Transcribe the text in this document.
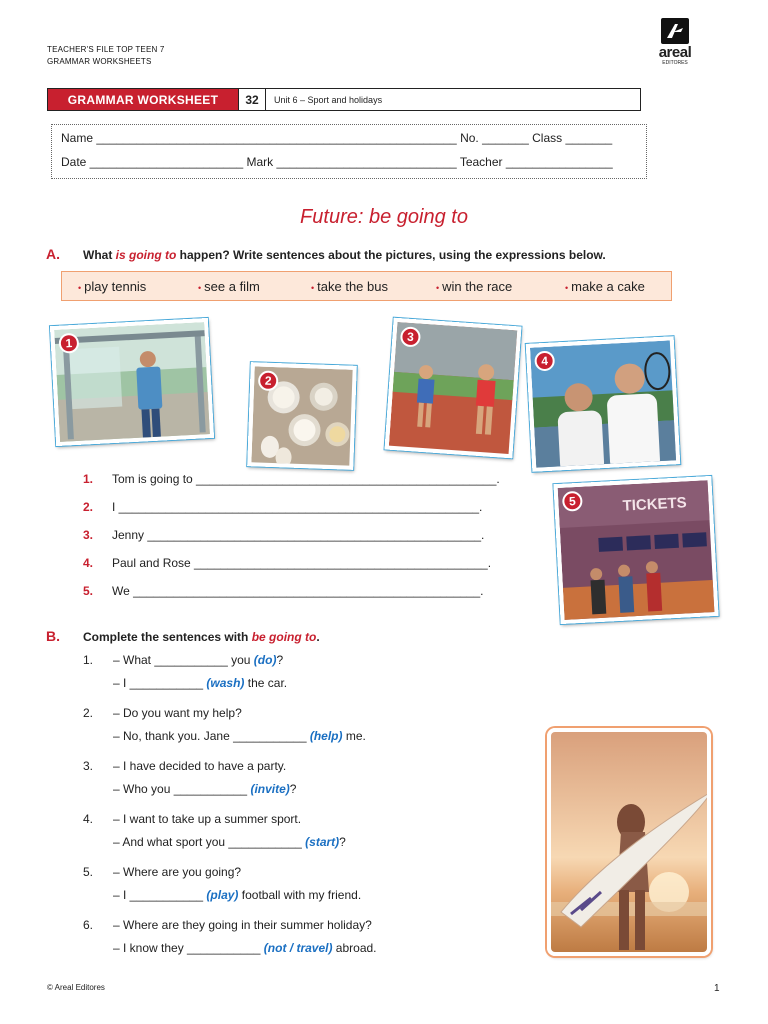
TEACHER'S FILE TOP TEEN 7
GRAMMAR WORKSHEETS
areal
EDITORES
GRAMMAR WORKSHEET	32	Unit 6 – Sport and holidays
Name ______________________________________________________ No. _______ Class _______
Date _______________________ Mark ___________________________ Teacher ________________
Future: be going to
A. What is going to happen? Write sentences about the pictures, using the expressions below.
• play tennis	• see a film	• take the bus	• win the race	• make a cake
1
2
3
4
5	TICKETS
1. Tom is going to _____________________________________________.
2. I ______________________________________________________.
3. Jenny __________________________________________________.
4. Paul and Rose ____________________________________________.
5. We ____________________________________________________.
B. Complete the sentences with be going to.
1. – What ___________ you (do)?
– I ___________ (wash) the car.
2. – Do you want my help?
– No, thank you. Jane ___________ (help) me.
3. – I have decided to have a party.
– Who you ___________ (invite)?
4. – I want to take up a summer sport.
– And what sport you ___________ (start)?
5. – Where are you going?
– I ___________ (play) football with my friend.
6. – Where are they going in their summer holiday?
– I know they ___________ (not / travel) abroad.
© Areal Editores	1
